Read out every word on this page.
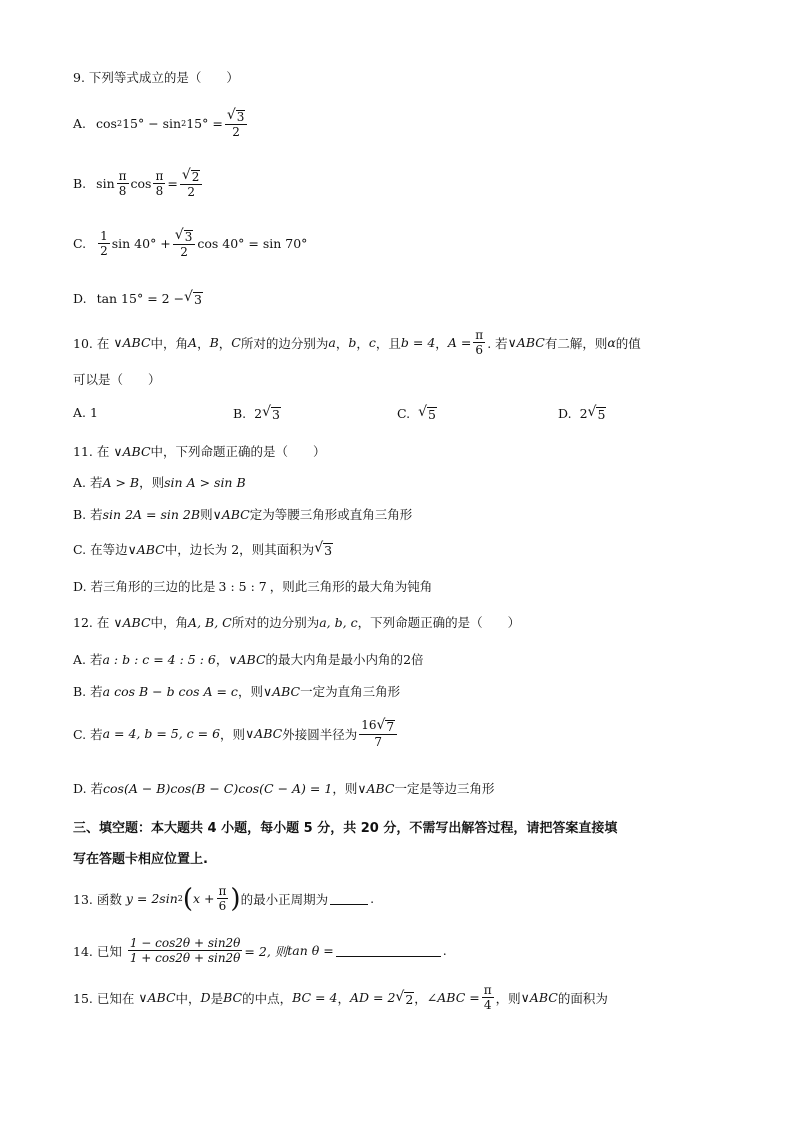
9. 下列等式成立的是（　　）
A. cos 2 15° − sin 2 $15^\circ = \frac{√ 3}{2}$
B. $\sin \frac{\pi}{8}$ $\cos \frac{\pi}{8} = \frac{√ 2}{2}$
C. $\frac{1}{2}$ $\sin 40^\circ + \frac{√ 3}{2}$ cos 40° = sin 70°
D. tan 15° = 2 − √ 3
10. 在 ∨ABC 中，角 A ， B ， C 所对的边分别为 a ， b ， c ，且 b = 4 ， $A = \frac{\pi}{6}$ . 若 ∨ABC 有二解，则 α 的值
可以是（　　）
A. 1	B. 2 √ 3	C. √ 5	D. 2 √ 5
11. 在 ∨ABC 中，下列命题正确的是（　　）
A. 若 A > B ，则 sin A > sin B
B. 若 sin 2A = sin 2B 则 ∨ABC 定为等腰三角形或直角三角形
C. 在等边 ∨ABC 中，边长为 2，则其面积为 √ 3
D. 若三角形的三边的比是 3 : 5 : 7 ，则此三角形的最大角为钝角
12. 在 ∨ABC 中，角 A, B, C 所对的边分别为 a, b, c ，下列命题正确的是（　　）
A. 若 a : b : c = 4 : 5 : 6 ， ∨ABC 的最大内角是最小内角的 2 倍
B. 若 a cos B − b cos A = c ，则 ∨ABC 一定为直角三角形
C. 若 a = 4, b = 5, c = 6 ，则 ∨ABC 外接圆半径为 $\frac{16 √ 7}{7}$
D. 若 cos(A − B)cos(B − C)cos(C − A) = 1 ，则 ∨ABC 一定是等边三角形
三、填空题：本大题共 4 小题，每小题 5 分，共 20 分，不需写出解答过程，请把答案直接填
写在答题卡相应位置上.
13. 函数 y = 2sin 2 ( $x + \frac{\pi}{6}$ ) 的最小正周期为	.
14. 已知 $\frac{1 - \cos 2\theta + \sin 2\theta}{1 + \cos 2\theta + \sin 2\theta} = 2$, 则 tan θ =	.
15. 已知在 ∨ABC 中， D 是 BC 的中点， BC = 4 ， AD = 2 √ 2 ， ∠ABC = $\frac{\pi}{4}$ ，则 ∨ABC 的面积为
